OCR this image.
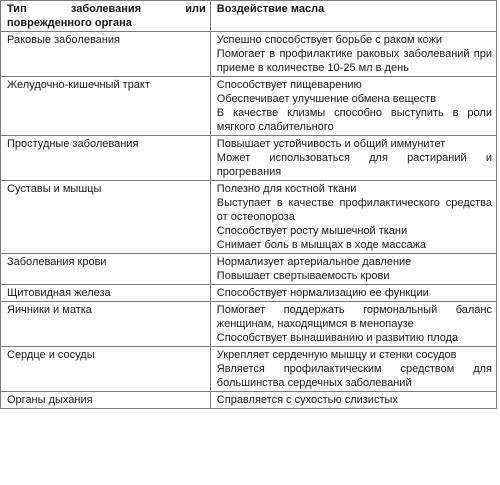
Тип заболевания или
поврежденного органа	Воздействие масла
Раковые заболевания	Успешно способствует борьбе с раком кожи
Помогает в профилактике раковых заболеваний при приеме в количестве 10-25 мл в день

Желудочно-кишечный тракт	Способствует пищеварению
Обеспечивает улучшение обмена веществ
В качестве клизмы способно выступить в роли мягкого слабительного

Простудные заболевания	Повышает устойчивость и общий иммунитет
Может использоваться для растираний и прогревания

Суставы и мышцы	Полезно для костной ткани
Выступает в качестве профилактического средства от остеопороза
Способствует росту мышечной ткани
Снимает боль в мышцах в ходе массажа

Заболевания крови	Нормализует артериальное давление
Повышает свертываемость крови

Щитовидная железа	Способствует нормализацию ее функции

Яичники и матка	Помогает поддержать гормональный баланс женщинам, находящимся в менопаузе
Способствует вынашиванию и развитию плода

Сердце и сосуды	Укрепляет сердечную мышцу и стенки сосудов
Является профилактическим средством для большинства сердечных заболеваний

Органы дыхания	Справляется с сухостью слизистых
